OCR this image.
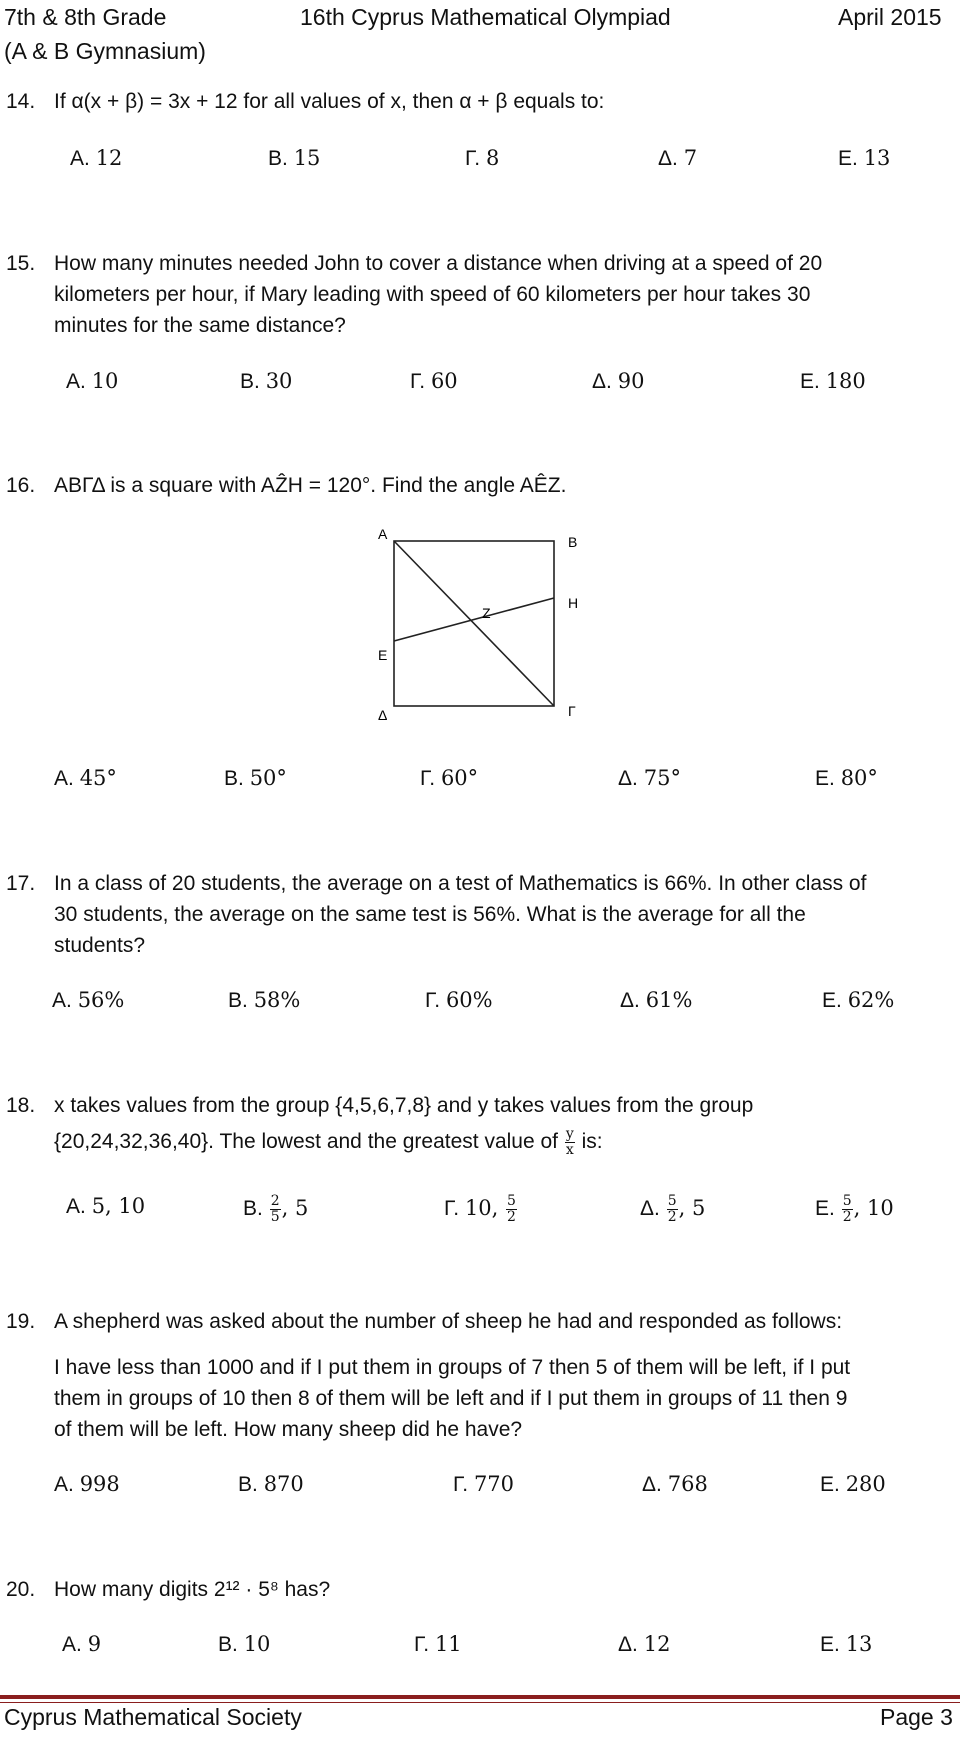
7th & 8th Grade
(A & B Gymnasium)
16th Cyprus Mathematical Olympiad	April 2015
14. If α(x + β) = 3x + 12 for all values of x, then α + β equals to:
A. 12	B. 15	Γ. 8	Δ. 7	E. 13
15. How many minutes needed John to cover a distance when driving at a speed of 20
kilometers per hour, if Mary leading with speed of 60 kilometers per hour takes 30
minutes for the same distance?
A. 10	B. 30	Γ. 60	Δ. 90	E. 180
16. ΑΒΓΔ is a square with AẐH = 120°. Find the angle AÊZ.
A	B
H
Z
E
Δ	Γ
A. 45°	B. 50°	Γ. 60°	Δ. 75°	E. 80°
17. In a class of 20 students, the average on a test of Mathematics is 66%. In other class of
30 students, the average on the same test is 56%. What is the average for all the
students?
A. 56%	B. 58%	Γ. 60%	Δ. 61%	E. 62%
18. x takes values from the group {4,5,6,7,8} and y takes values from the group
{20,24,32,36,40}. The lowest and the greatest value of $\frac{y}{x}$ is:
A. 5, 10	B. $\frac{2}{5}$ , 5	Γ. 10, $\frac{5}{2}$	Δ. $\frac{5}{2}$ , 5	E. $\frac{5}{2}$ , 10
19. A shepherd was asked about the number of sheep he had and responded as follows:
I have less than 1000 and if I put them in groups of 7 then 5 of them will be left, if I put
them in groups of 10 then 8 of them will be left and if I put them in groups of 11 then 9
of them will be left. How many sheep did he have?
A. 998	B. 870	Γ. 770	Δ. 768	E. 280
20. How many digits 2¹² · 5⁸ has?
A. 9	B. 10	Γ. 11	Δ. 12	E. 13
Cyprus Mathematical Society	Page 3
